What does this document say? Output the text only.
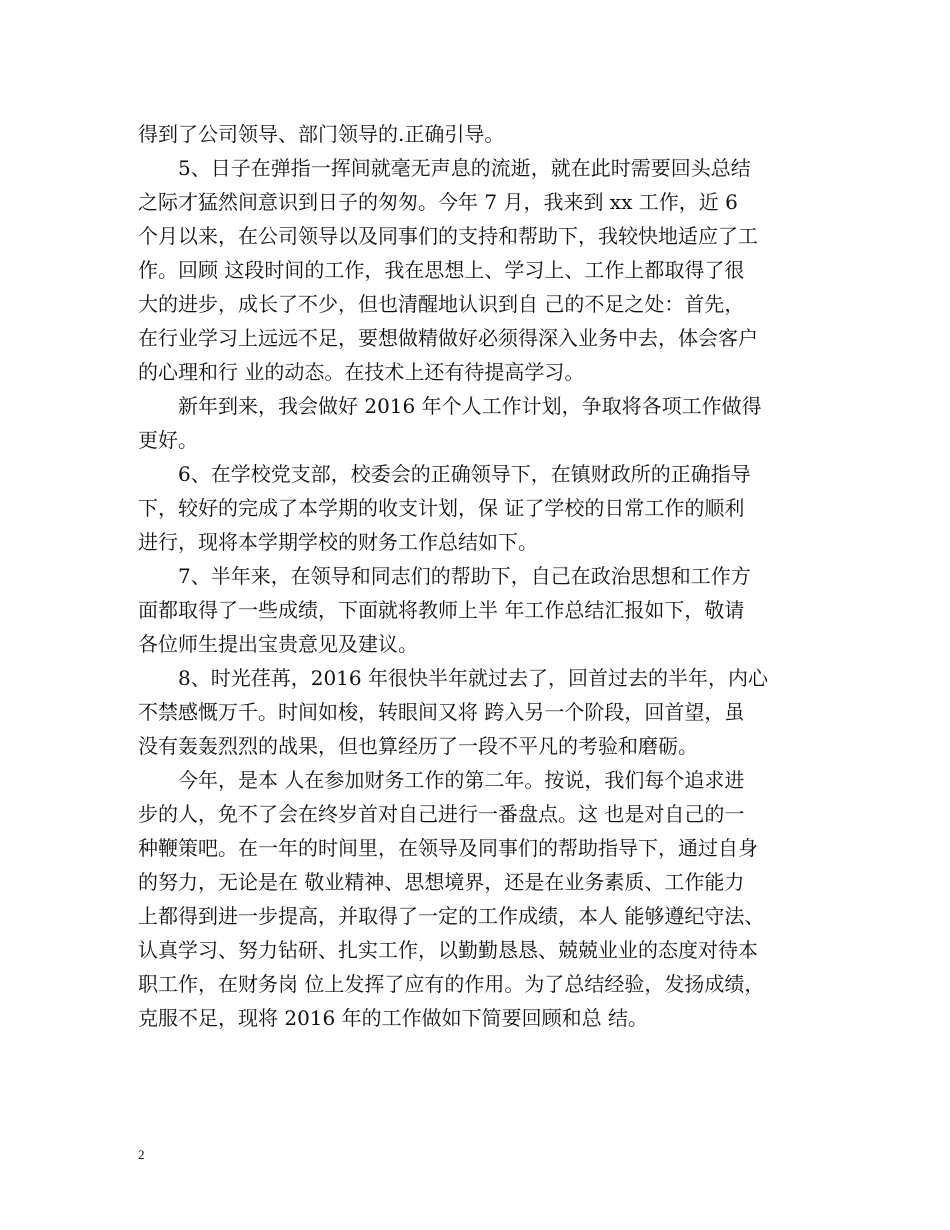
得到了公司领导、部门领导的.正确引导。
5、日子在弹指一挥间就毫无声息的流逝，就在此时需要回头总结
之际才猛然间意识到日子的匆匆。今年 7 月，我来到 xx 工作，近 6
个月以来，在公司领导以及同事们的支持和帮助下，我较快地适应了工
作。回顾 这段时间的工作，我在思想上、学习上、工作上都取得了很
大的进步，成长了不少，但也清醒地认识到自 己的不足之处：首先，
在行业学习上远远不足，要想做精做好必须得深入业务中去，体会客户
的心理和行 业的动态。在技术上还有待提高学习。
新年到来，我会做好 2016 年个人工作计划，争取将各项工作做得
更好。
6、在学校党支部，校委会的正确领导下，在镇财政所的正确指导
下，较好的完成了本学期的收支计划，保 证了学校的日常工作的顺利
进行，现将本学期学校的财务工作总结如下。
7、半年来，在领导和同志们的帮助下，自己在政治思想和工作方
面都取得了一些成绩，下面就将教师上半 年工作总结汇报如下，敬请
各位师生提出宝贵意见及建议。
8、时光荏苒，2016 年很快半年就过去了，回首过去的半年，内心
不禁感慨万千。时间如梭，转眼间又将 跨入另一个阶段，回首望，虽
没有轰轰烈烈的战果，但也算经历了一段不平凡的考验和磨砺。
今年，是本 人在参加财务工作的第二年。按说，我们每个追求进
步的人，免不了会在终岁首对自己进行一番盘点。这 也是对自己的一
种鞭策吧。在一年的时间里，在领导及同事们的帮助指导下，通过自身
的努力，无论是在 敬业精神、思想境界，还是在业务素质、工作能力
上都得到进一步提高，并取得了一定的工作成绩，本人 能够遵纪守法、
认真学习、努力钻研、扎实工作，以勤勤恳恳、兢兢业业的态度对待本
职工作，在财务岗 位上发挥了应有的作用。为了总结经验，发扬成绩，
克服不足，现将 2016 年的工作做如下简要回顾和总 结。
2
